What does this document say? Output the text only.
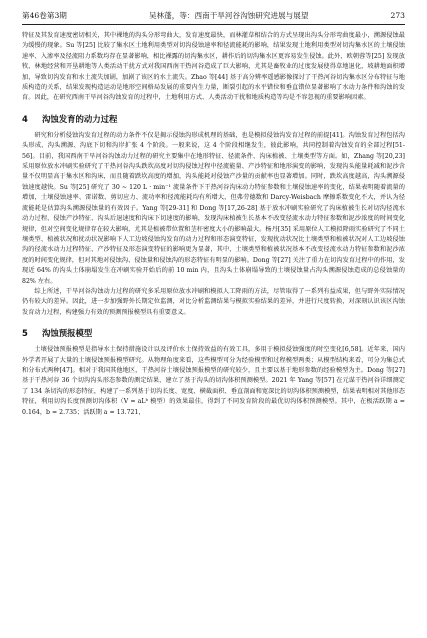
第46卷第3期	吴林蓬，等：西南干旱河谷沟蚀研究进展与展望	273

特征及其发育速度密切相关，其中裸地的沟头分形弯曲大，发育速度最快，而林灌草相结合的方式呈现出沟头分形弯曲度最小，溯源侵蚀最为缓慢的现象。Su 等[25] 比较了集水区土地利用类型对切沟侵蚀速率和径流能耗的影响，结果发现土地利用类型对切沟集水区的土壤侵蚀速率、入渗率及径流阻力系数均存在显著影响，相比裸露的切沟集水区，耕作后的切沟集水区更容易发生侵蚀。此外，欧朝蓉等[25] 发现放牧、林地经营和开垦耕地等人类活动干扰方式对我国西南干热河谷造成了巨大影响，尤其是畜牧业的过度发展使得草地退化，坡耕地面积增加，导致切沟发育和水土流失加剧，加剧了该区的水土流失。Zhao 等[44] 基于高分辨率遥感影像探讨了干热河谷切沟集水区分布特征与地质构造的关系，结果发现构造运动是地形空间格局发展的重要内生力量，断裂引起的水平错位和垂直错位显著影响了水动力条件和沟蚀的发育。因此，在研究西南干旱河谷沟蚀发育的过程中，土地利用方式、人类活动干扰和地质构造等均是不容忽视的重要影响因素。

4	沟蚀发育的动力过程

研究和分析侵蚀沟发育过程的动力条件不仅是揭示侵蚀沟形成机理的基础，也是模拟侵蚀沟发育过程的前提[41]。沟蚀发育过程包括沟头形成、沟头溯源、沟底下切和沟岸扩张 4 个阶段。一般来说，这 4 个阶段相继发生，彼此影响，共同控制着沟蚀发育的全部过程[51-56]。目前，我国西南干旱河谷沟蚀动力过程的研究主要集中在地形特征、径流条件、沟床植被、土壤类型等方面。如，Zhang 等[20,23] 采用原位放水冲刷实验研究了干热河谷沟头跌坎高度对切沟侵蚀过程中径流能量、产沙特征和地形演变的影响，发现沟头能量耗减和泥沙含量不仅明显高于集水区和沟床，而且随着跌坎高度的增加，沟头能耗对侵蚀产沙量的贡献率也显著增加。同时，跌坎高度越高，沟头溯源侵蚀速度越快。Su 等[25] 研究了 30 ~ 120 L · min⁻¹ 流量条件下干热河谷沟床动力特征参数和土壤侵蚀速率的变化，结果表明随着流量的增加，土壤侵蚀速率、雷诺数、剪切应力、流功率和径流能耗均有所增大，但弗劳德数和 Darcy-Weisbach 摩擦系数变化不大，并认为径流能耗是估算沟头溯源侵蚀量的有效因子。Yang 等[29-31] 和 Dong 等[17,26-28] 基于放水冲刷实验研究了沟床植被生长对切沟径流水动力过程、侵蚀产沙特征、沟头后退速度和沟床下切速度的影响，发现沟床植被生长基本不改变径流水动力特征参数和泥沙浓度的时间变化规律，但对空间变化规律存在较大影响，尤其是植被带位置和茎秆密度大小的影响最大。杨丹[35] 采用原位人工模拟降雨实验研究了不同土壤类型、植被状况和扰动状况影响下人工边坡侵蚀沟发育的动力过程和形态演变特征，发现扰动状况比土壤类型和植被状况对人工边坡侵蚀沟的径流水动力过程特征、产沙特征及形态演变特征的影响更为显著，其中，土壤类型和植被状况基本不改变径流水动力特征参数和泥沙浓度的时间变化规律，但对其地对侵蚀沟、侵蚀量和侵蚀沟的形态特征有明显的影响。Dong 等[27] 关注了重力在切沟发育过程中的作用，发现近 64% 的沟头土体崩塌发生在冲刷实验开始后的前 10 min 内，且沟头土体崩塌导致的土壤侵蚀量占沟头溯源侵蚀造成的总侵蚀量的 82% 左右。

综上所述，干旱河谷沟蚀动力过程的研究多采用原位放水冲刷和模拟人工降雨的方法，尽管取得了一系列有益成果，但与野外实际情况仍有较大的差异。因此，进一步加强野外长期定位监测，对比分析监测结果与模拟实验结果的差异，并进行尺度转换，对深刻认识该区沟蚀发育动力过程，构建强力有效的预测预报模型具有重要意义。

5	沟蚀预报模型

土壤侵蚀预报模型是指导水土保持措施设计以及评价水土保持效益的有效工具，多用于模拟侵蚀强度的时空变化[6,58]。近年来，国内外学者开展了大量的土壤侵蚀预报模型研究。从物理角度来看，这些模型可分为经验模型和过程模型两类；从模型结构来看，可分为集总式和分布式两种[47]。相对于我国其他地区，干热河谷土壤侵蚀预报模型的研究较少，且主要以基于地形参数的经验模型为主。Dong 等[27] 基于干热河谷 36 个切沟沟头形态参数的测定结果，建立了基于沟头的切沟体积预测模型。2021 年 Yang 等[57] 在元谋干热河谷详细测定了 134 条切沟的形态特征，构建了一系列基于切沟长度、宽度、横截面积、垂直剖面和宽深比的切沟体积预测模型，结果表明相对其他形态特征，利用切沟长度预测切沟体积（V = aLᵇ 模型）的效果最佳，得到了不同发育阶段的最优切沟体积预测模型。其中，在极活跃期 a = 0.164，b = 2.735；活跃期 a = 13.721，
